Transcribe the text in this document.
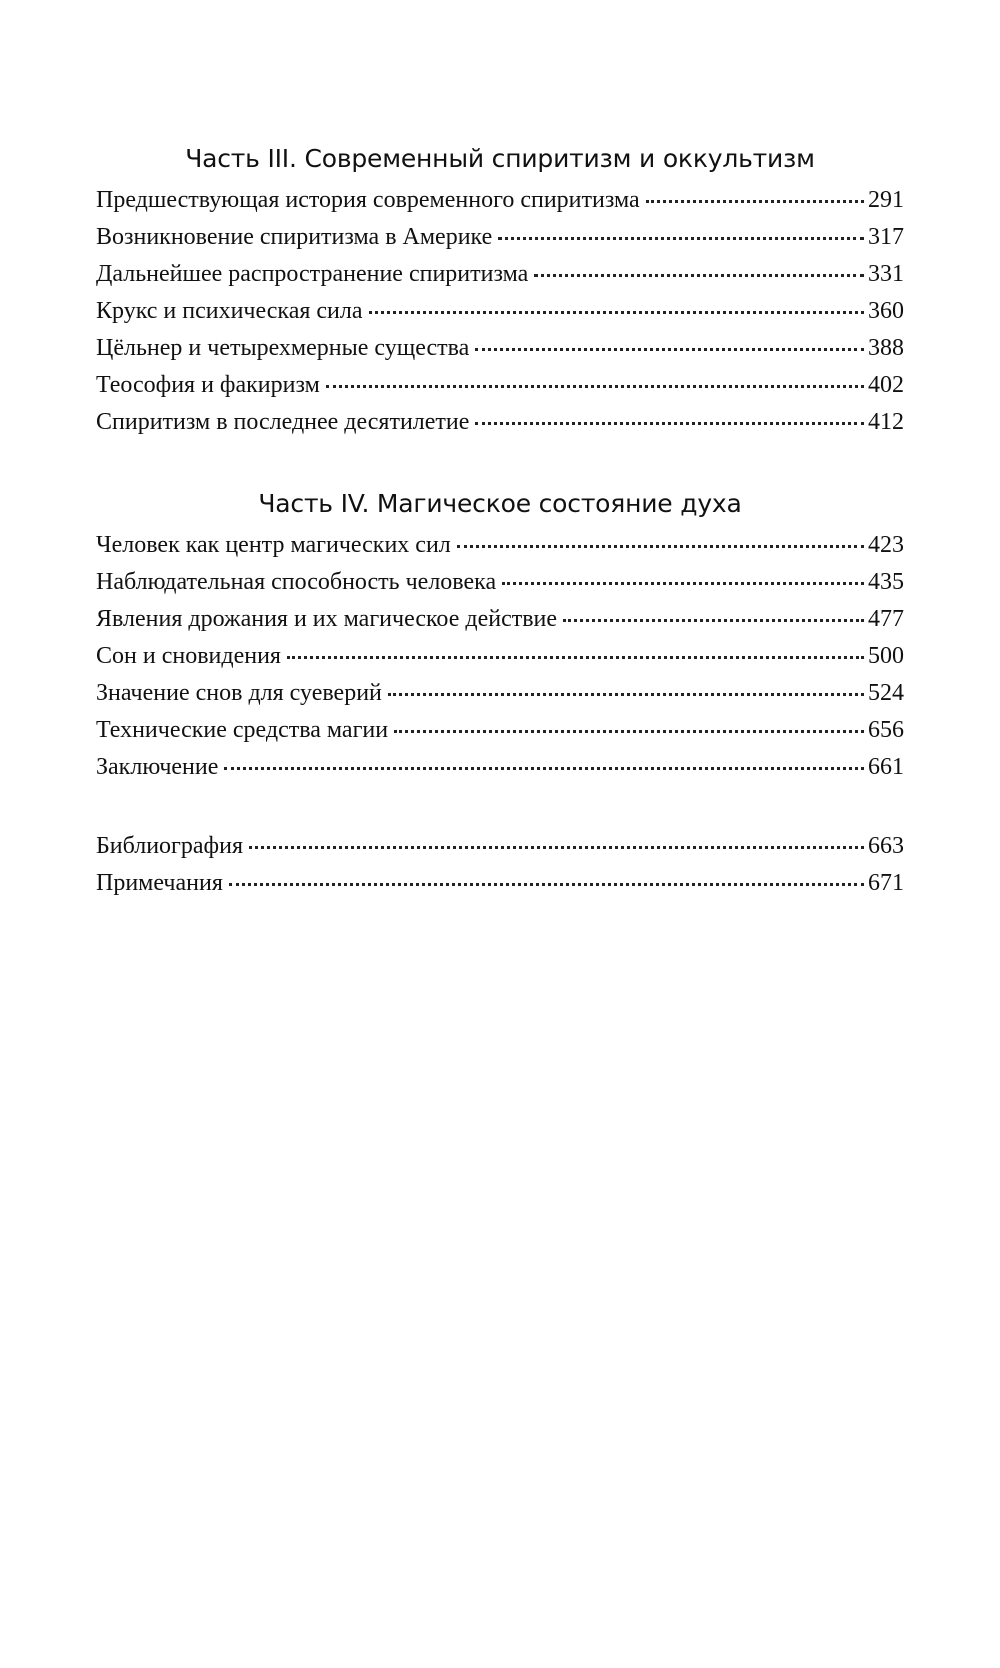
Часть III. Современный спиритизм и оккультизм
Предшествующая история современного спиритизма	291
Возникновение спиритизма в Америке	317
Дальнейшее распространение спиритизма	331
Крукс и психическая сила	360
Цёльнер и четырехмерные существа	388
Теософия и факиризм	402
Спиритизм в последнее десятилетие	412
Часть IV. Магическое состояние духа
Человек как центр магических сил	423
Наблюдательная способность человека	435
Явления дрожания и их магическое действие	477
Сон и сновидения	500
Значение снов для суеверий	524
Технические средства магии	656
Заключение	661
Библиография	663
Примечания	671
